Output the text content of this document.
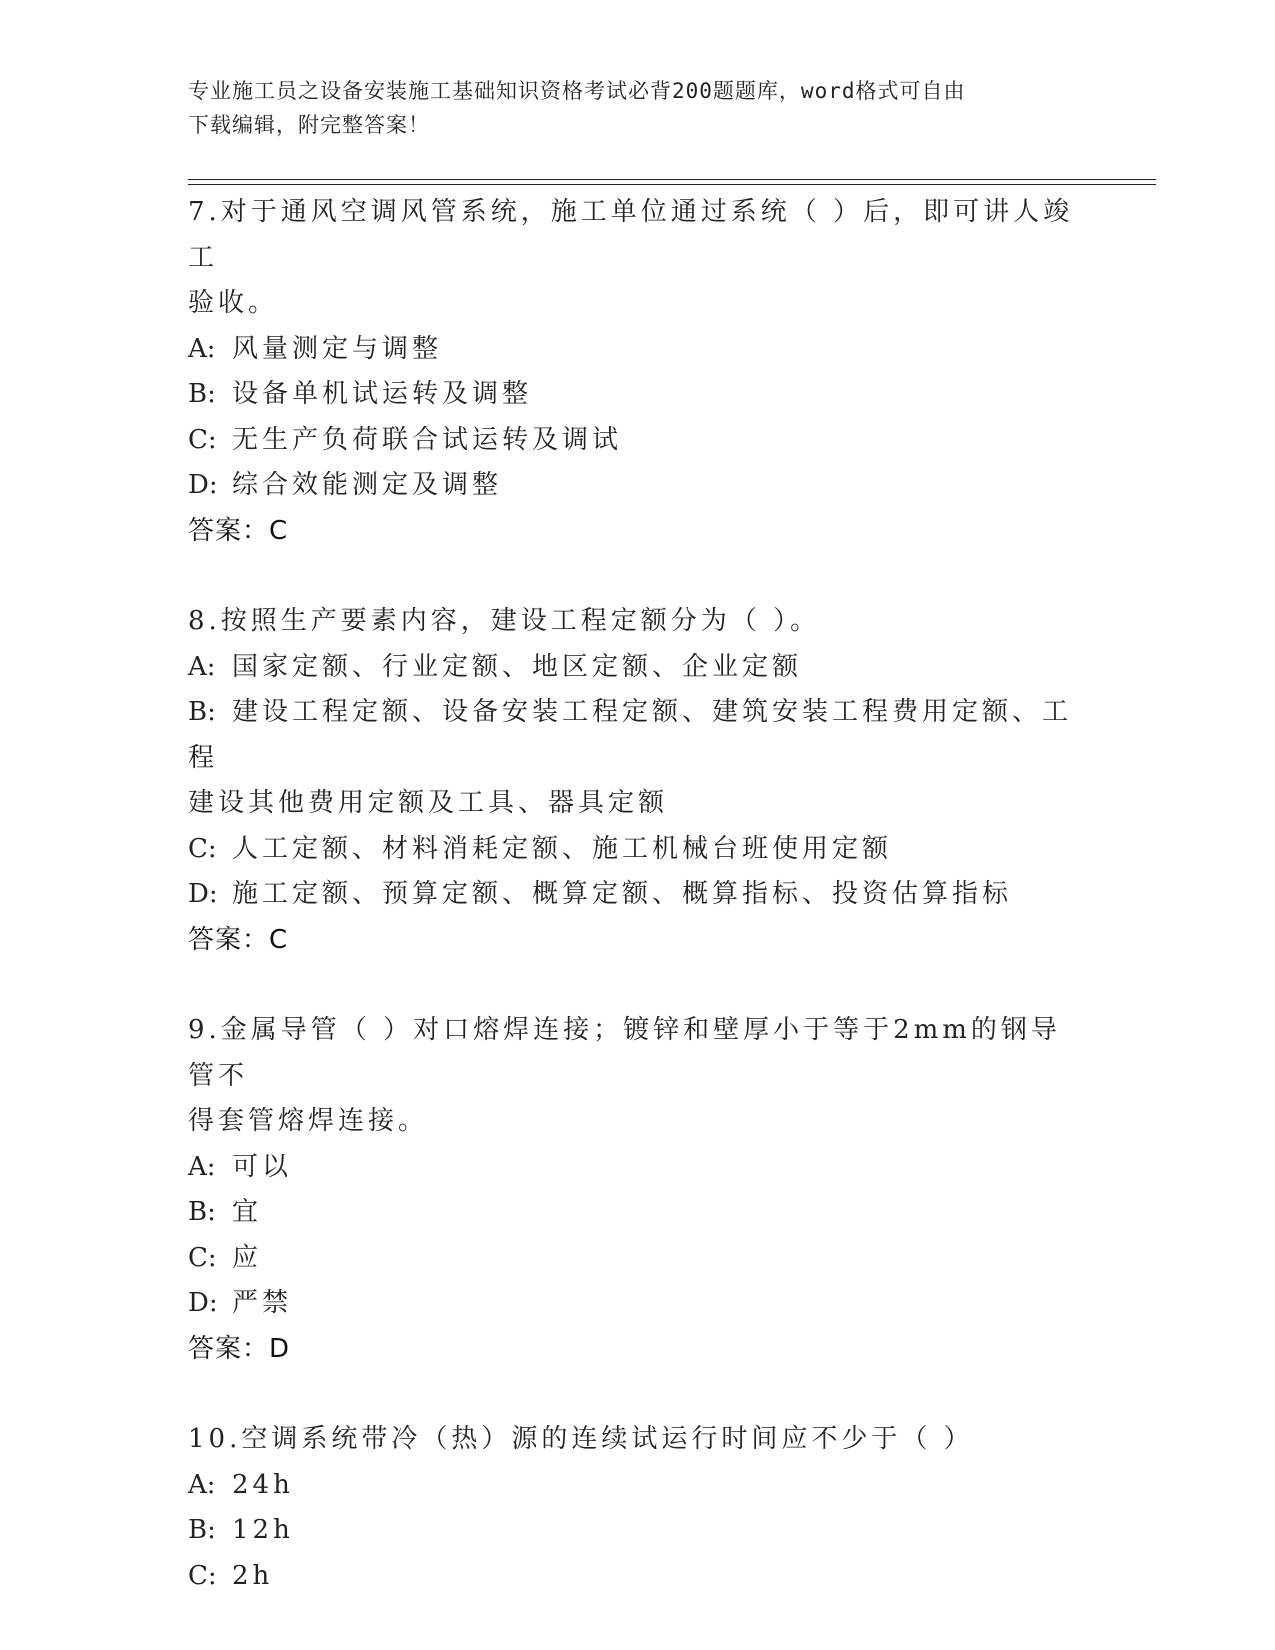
专业施工员之设备安装施工基础知识资格考试必背200题题库，word格式可自由
下载编辑，附完整答案！

7.对于通风空调风管系统，施工单位通过系统（ ）后，即可讲人竣工

验收。

A: 风量测定与调整

B: 设备单机试运转及调整

C: 无生产负荷联合试运转及调试

D: 综合效能测定及调整

答案：C

8.按照生产要素内容，建设工程定额分为（ ）。

A: 国家定额、行业定额、地区定额、企业定额

B: 建设工程定额、设备安装工程定额、建筑安装工程费用定额、工程

建设其他费用定额及工具、器具定额

C: 人工定额、材料消耗定额、施工机械台班使用定额

D: 施工定额、预算定额、概算定额、概算指标、投资估算指标

答案：C

9.金属导管（ ）对口熔焊连接；镀锌和壁厚小于等于2mm的钢导管不

得套管熔焊连接。

A: 可以

B: 宜

C: 应

D: 严禁

答案：D

10.空调系统带冷（热）源的连续试运行时间应不少于（ ）

A: 24h

B: 12h

C: 2h
